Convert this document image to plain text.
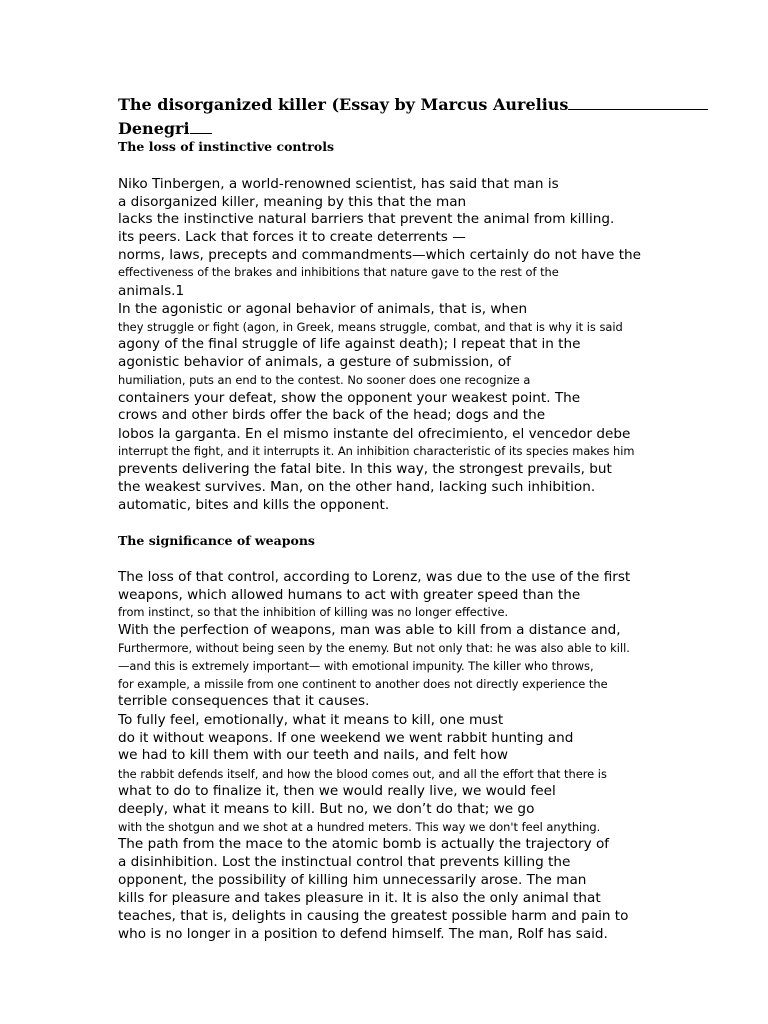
The disorganized killer (Essay by Marcus Aurelius
Denegri

The loss of instinctive controls

Niko Tinbergen, a world-renowned scientist, has said that man is

a disorganized killer, meaning by this that the man

lacks the instinctive natural barriers that prevent the animal from killing.

its peers. Lack that forces it to create deterrents —

norms, laws, precepts and commandments—which certainly do not have the

effectiveness of the brakes and inhibitions that nature gave to the rest of the

animals.1

In the agonistic or agonal behavior of animals, that is, when

they struggle or fight (agon, in Greek, means struggle, combat, and that is why it is said

agony of the final struggle of life against death); I repeat that in the

agonistic behavior of animals, a gesture of submission, of

humiliation, puts an end to the contest. No sooner does one recognize a

containers your defeat, show the opponent your weakest point. The

crows and other birds offer the back of the head; dogs and the

lobos la garganta. En el mismo instante del ofrecimiento, el vencedor debe

interrupt the fight, and it interrupts it. An inhibition characteristic of its species makes him

prevents delivering the fatal bite. In this way, the strongest prevails, but

the weakest survives. Man, on the other hand, lacking such inhibition.

automatic, bites and kills the opponent.

The significance of weapons

The loss of that control, according to Lorenz, was due to the use of the first

weapons, which allowed humans to act with greater speed than the

from instinct, so that the inhibition of killing was no longer effective.

With the perfection of weapons, man was able to kill from a distance and,

Furthermore, without being seen by the enemy. But not only that: he was also able to kill.

—and this is extremely important— with emotional impunity. The killer who throws,

for example, a missile from one continent to another does not directly experience the

terrible consequences that it causes.

To fully feel, emotionally, what it means to kill, one must

do it without weapons. If one weekend we went rabbit hunting and

we had to kill them with our teeth and nails, and felt how

the rabbit defends itself, and how the blood comes out, and all the effort that there is

what to do to finalize it, then we would really live, we would feel

deeply, what it means to kill. But no, we don’t do that; we go

with the shotgun and we shot at a hundred meters. This way we don't feel anything.

The path from the mace to the atomic bomb is actually the trajectory of

a disinhibition. Lost the instinctual control that prevents killing the

opponent, the possibility of killing him unnecessarily arose. The man

kills for pleasure and takes pleasure in it. It is also the only animal that

teaches, that is, delights in causing the greatest possible harm and pain to

who is no longer in a position to defend himself. The man, Rolf has said.
